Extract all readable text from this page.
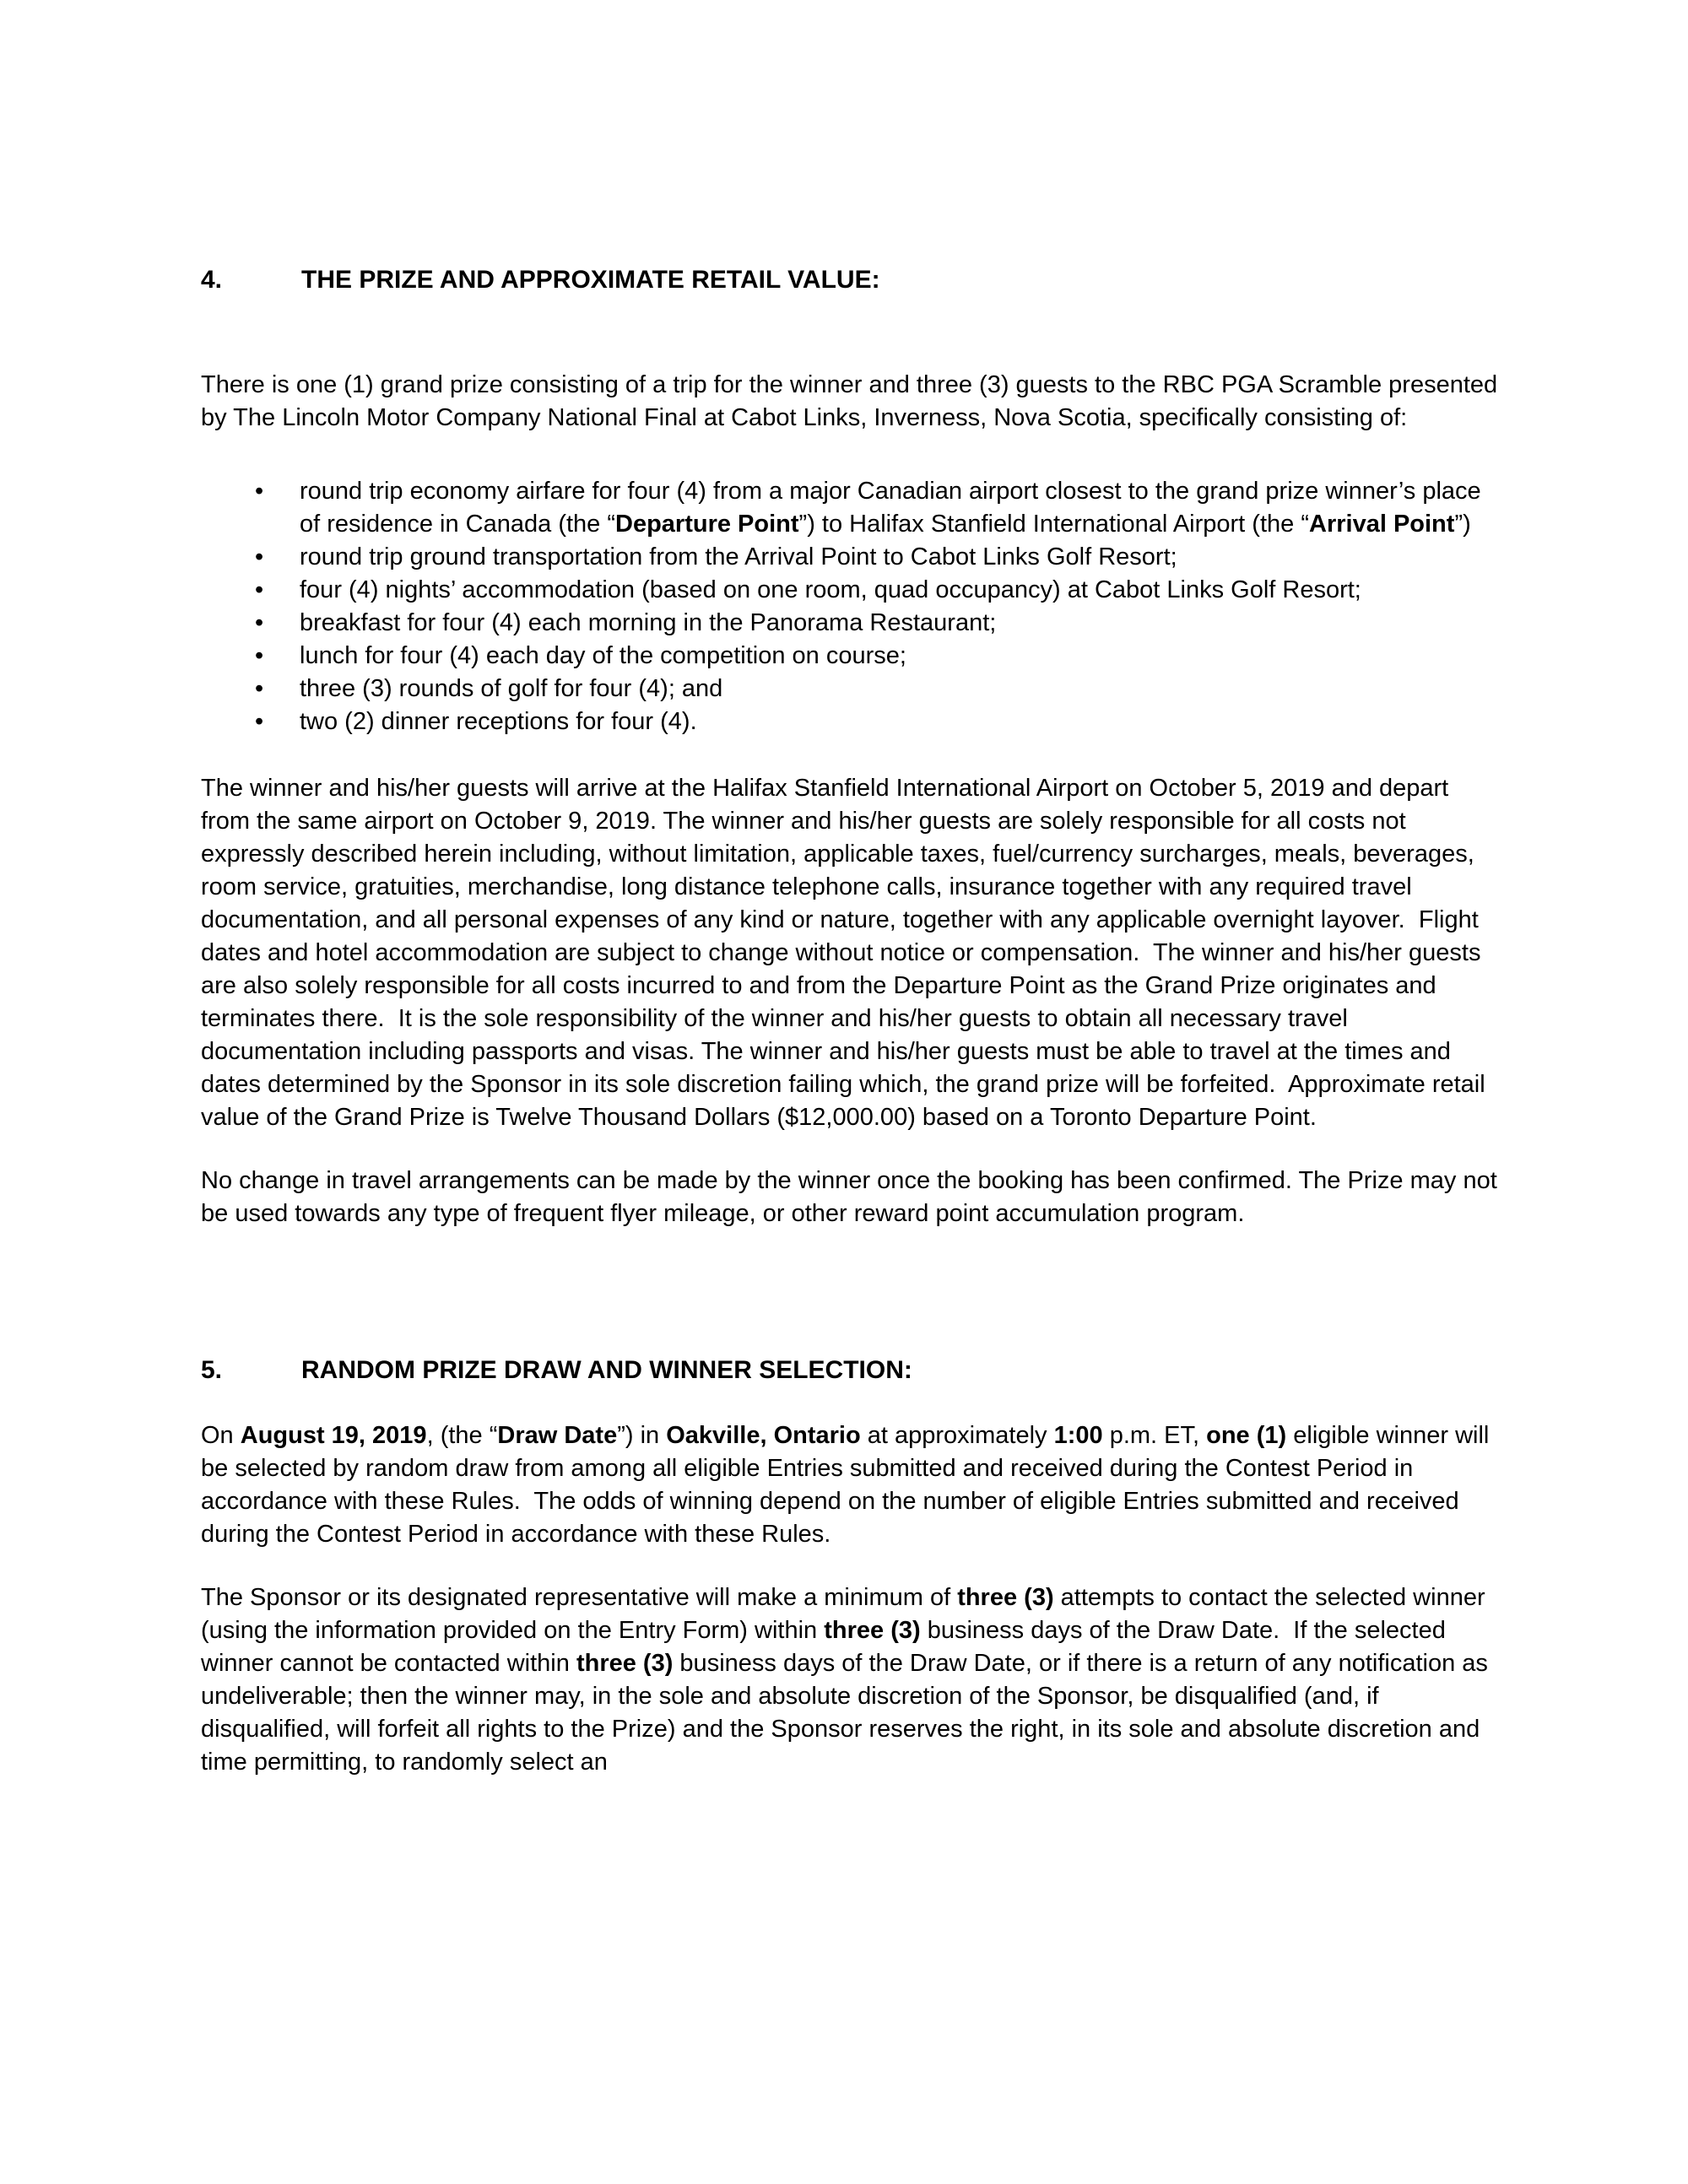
4.	THE PRIZE AND APPROXIMATE RETAIL VALUE:

There is one (1) grand prize consisting of a trip for the winner and three (3) guests to the RBC PGA Scramble presented by The Lincoln Motor Company National Final at Cabot Links, Inverness, Nova Scotia, specifically consisting of:

• round trip economy airfare for four (4) from a major Canadian airport closest to the grand prize winner’s place of residence in Canada (the “Departure Point”) to Halifax Stanfield International Airport (the “Arrival Point”)
• round trip ground transportation from the Arrival Point to Cabot Links Golf Resort;
• four (4) nights’ accommodation (based on one room, quad occupancy) at Cabot Links Golf Resort;
• breakfast for four (4) each morning in the Panorama Restaurant;
• lunch for four (4) each day of the competition on course;
• three (3) rounds of golf for four (4); and
• two (2) dinner receptions for four (4).

The winner and his/her guests will arrive at the Halifax Stanfield International Airport on October 5, 2019 and depart from the same airport on October 9, 2019. The winner and his/her guests are solely responsible for all costs not expressly described herein including, without limitation, applicable taxes, fuel/currency surcharges, meals, beverages, room service, gratuities, merchandise, long distance telephone calls, insurance together with any required travel documentation, and all personal expenses of any kind or nature, together with any applicable overnight layover.  Flight dates and hotel accommodation are subject to change without notice or compensation.  The winner and his/her guests are also solely responsible for all costs incurred to and from the Departure Point as the Grand Prize originates and terminates there.  It is the sole responsibility of the winner and his/her guests to obtain all necessary travel documentation including passports and visas. The winner and his/her guests must be able to travel at the times and dates determined by the Sponsor in its sole discretion failing which, the grand prize will be forfeited.  Approximate retail value of the Grand Prize is Twelve Thousand Dollars ($12,000.00) based on a Toronto Departure Point.

No change in travel arrangements can be made by the winner once the booking has been confirmed. The Prize may not be used towards any type of frequent flyer mileage, or other reward point accumulation program.

5.	RANDOM PRIZE DRAW AND WINNER SELECTION:

On August 19, 2019, (the “Draw Date”) in Oakville, Ontario at approximately 1:00 p.m. ET, one (1) eligible winner will be selected by random draw from among all eligible Entries submitted and received during the Contest Period in accordance with these Rules.  The odds of winning depend on the number of eligible Entries submitted and received during the Contest Period in accordance with these Rules.

The Sponsor or its designated representative will make a minimum of three (3) attempts to contact the selected winner (using the information provided on the Entry Form) within three (3) business days of the Draw Date.  If the selected winner cannot be contacted within three (3) business days of the Draw Date, or if there is a return of any notification as undeliverable; then the winner may, in the sole and absolute discretion of the Sponsor, be disqualified (and, if disqualified, will forfeit all rights to the Prize) and the Sponsor reserves the right, in its sole and absolute discretion and time permitting, to randomly select an
